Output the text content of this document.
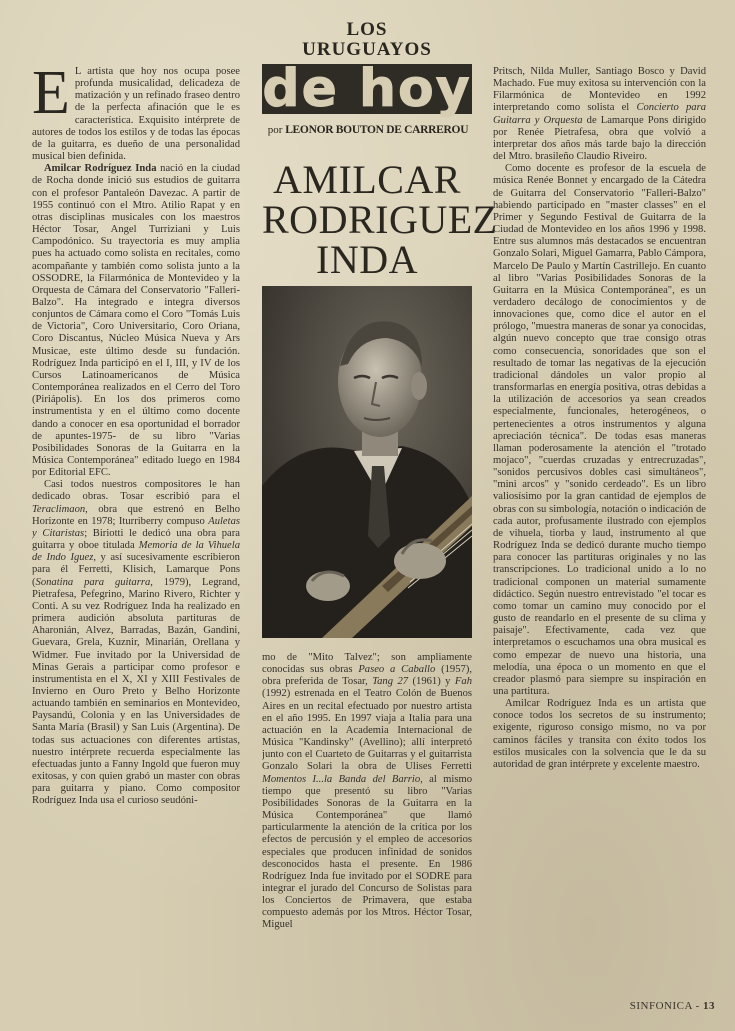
E L artista que hoy nos ocupa posee profunda musicalidad, delicadeza de matización y un refinado fraseo dentro de la perfecta afinación que le es característica. Exquisito intérprete de autores de todos los estilos y de todas las épocas de la guitarra, es dueño de una personalidad musical bien definida.

Amilcar Rodríguez Inda nació en la ciudad de Rocha donde inició sus estudios de guitarra con el profesor Pantaleón Davezac. A partir de 1955 continuó con el Mtro. Atilio Rapat y en otras disciplinas musicales con los maestros Héctor Tosar, Angel Turriziani y Luis Campodónico. Su trayectoria es muy amplia pues ha actuado como solista en recitales, como acompañante y también como solista junto a la OSSODRE, la Filarmónica de Montevideo y la Orquesta de Cámara del Conservatorio "Falleri-Balzo". Ha integrado e integra diversos conjuntos de Cámara como el Coro "Tomás Luis de Victoria", Coro Universitario, Coro Oriana, Coro Discantus, Núcleo Música Nueva y Ars Musicae, este último desde su fundación. Rodríguez Inda participó en el I, III, y IV de los Cursos Latinoamericanos de Música Contemporánea realizados en el Cerro del Toro (Piriápolis). En los dos primeros como instrumentista y en el último como docente dando a conocer en esa oportunidad el borrador de apuntes-1975- de su libro "Varias Posibilidades Sonoras de la Guitarra en la Música Contemporánea" editado luego en 1984 por Editorial EFC.

Casi todos nuestros compositores le han dedicado obras. Tosar escribió para el Teraclimaon, obra que estrenó en Belho Horizonte en 1978; Iturriberry compuso Auletas y Citaristas; Biriotti le dedicó una obra para guitarra y oboe titulada Memoria de la Vihuela de Indo Iguez, y así sucesivamente escribieron para él Ferretti, Klisich, Lamarque Pons (Sonatina para guitarra, 1979), Legrand, Pietrafesa, Pefegrino, Marino Rivero, Richter y Conti. A su vez Rodríguez Inda ha realizado en primera audición absoluta partituras de Aharonián, Alvez, Barradas, Bazán, Gandini, Guevara, Grela, Kuznir, Minarián, Orellana y Widmer. Fue invitado por la Universidad de Minas Gerais a participar como profesor e instrumentista en el X, XI y XIII Festivales de Invierno en Ouro Preto y Belho Horizonte actuando también en seminarios en Montevideo, Paysandú, Colonia y en las Universidades de Santa María (Brasil) y San Luis (Argentina). De todas sus actuaciones con diferentes artistas, nuestro intérprete recuerda especialmente las efectuadas junto a Fanny Ingold que fueron muy exitosas, y con quien grabó un master con obras para guitarra y piano. Como compositor Rodríguez Inda usa el curioso seudóni-

LOS
URUGUAYOS
de hoy
por LEONOR BOUTON DE CARREROU
AMILCAR
RODRIGUEZ
INDA

mo de "Mito Talvez"; son ampliamente conocidas sus obras Paseo a Caballo (1957), obra preferida de Tosar, Tang 27 (1961) y Fah (1992) estrenada en el Teatro Colón de Buenos Aires en un recital efectuado por nuestro artista en el año 1995. En 1997 viaja a Italia para una actuación en la Academia Internacional de Música "Kandinsky" (Avellino); allí interpretó junto con el Cuarteto de Guitarras y el guitarrista Gonzalo Solari la obra de Ulises Ferretti Momentos I...la Banda del Barrio, al mismo tiempo que presentó su libro "Varias Posibilidades Sonoras de la Guitarra en la Música Contemporánea" que llamó particularmente la atención de la crítica por los efectos de percusión y el empleo de accesorios especiales que producen infinidad de sonidos desconocidos hasta el presente. En 1986 Rodríguez Inda fue invitado por el SODRE para integrar el jurado del Concurso de Solistas para los Conciertos de Primavera, que estaba compuesto además por los Mtros. Héctor Tosar, Miguel

Pritsch, Nilda Muller, Santiago Bosco y David Machado. Fue muy exitosa su intervención con la Filarmónica de Montevideo en 1992 interpretando como solista el Concierto para Guitarra y Orquesta de Lamarque Pons dirigido por Renée Pietrafesa, obra que volvió a interpretar dos años más tarde bajo la dirección del Mtro. brasileño Claudio Riveiro.

Como docente es profesor de la escuela de música Renée Bonnet y encargado de la Cátedra de Guitarra del Conservatorio "Falleri-Balzo" habiendo participado en "master classes" en el Primer y Segundo Festival de Guitarra de la Ciudad de Montevideo en los años 1996 y 1998. Entre sus alumnos más destacados se encuentran Gonzalo Solari, Miguel Gamarra, Pablo Cámpora, Marcelo De Paulo y Martín Castrillejo. En cuanto al libro "Varias Posibilidades Sonoras de la Guitarra en la Música Contemporánea", es un verdadero decálogo de conocimientos y de innovaciones que, como dice el autor en el prólogo, "muestra maneras de sonar ya conocidas, algún nuevo concepto que trae consigo otras como consecuencia, sonoridades que son el resultado de tomar las negativas de la ejecución tradicional dándoles un valor propio al transformarlas en energía positiva, otras debidas a la utilización de accesorios ya sean creados especialmente, funcionales, heterogéneos, o pertenecientes a otros instrumentos y alguna apreciación técnica". De todas esas maneras llaman poderosamente la atención el "trotado mojaco", "cuerdas cruzadas y entrecruzadas", "sonidos percusivos dobles casi simultáneos", "mini arcos" y "sonido cerdeado". Es un libro valiosísimo por la gran cantidad de ejemplos de obras con su simbología, notación o indicación de cada autor, profusamente ilustrado con ejemplos de vihuela, tiorba y laud, instrumento al que Rodríguez Inda se dedicó durante mucho tiempo para conocer las partituras originales y no las transcripciones. Lo tradicional unido a lo no tradicional componen un material sumamente didáctico. Según nuestro entrevistado "el tocar es como tomar un camino muy conocido por el gusto de reandarlo en el presente de su clima y paisaje". Efectivamente, cada vez que interpretamos o escuchamos una obra musical es como empezar de nuevo una historia, una melodía, una época o un momento en que el creador plasmó para siempre su inspiración en una partitura.

Amilcar Rodríguez Inda es un artista que conoce todos los secretos de su instrumento; exigente, riguroso consigo mismo, no va por caminos fáciles y transita con éxito todos los estilos musicales con la solvencia que le da su autoridad de gran intérprete y excelente maestro.

SINFONICA - 13
